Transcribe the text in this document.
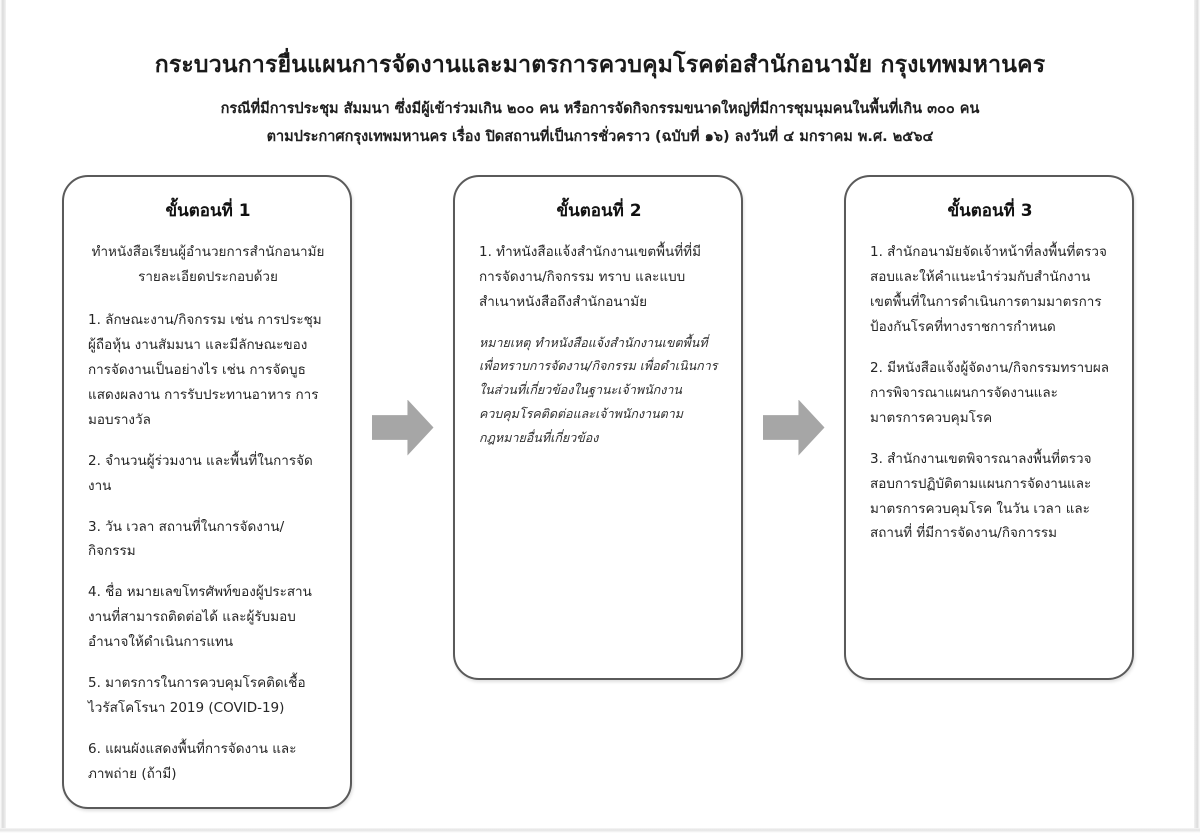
กระบวนการยื่นแผนการจัดงานและมาตรการควบคุมโรคต่อสำนักอนามัย กรุงเทพมหานคร

กรณีที่มีการประชุม สัมมนา ซึ่งมีผู้เข้าร่วมเกิน ๒๐๐ คน หรือการจัดกิจกรรมขนาดใหญ่ที่มีการชุมนุมคนในพื้นที่เกิน ๓๐๐ คน

ตามประกาศกรุงเทพมหานคร เรื่อง ปิดสถานที่เป็นการชั่วคราว (ฉบับที่ ๑๖) ลงวันที่ ๔ มกราคม พ.ศ. ๒๕๖๔

ขั้นตอนที่ 1
ทำหนังสือเรียนผู้อำนวยการสำนักอนามัย รายละเอียดประกอบด้วย

1. ลักษณะงาน/กิจกรรม เช่น การประชุมผู้ถือหุ้น งานสัมมนา และมีลักษณะของการจัดงานเป็นอย่างไร เช่น การจัดบูธแสดงผลงาน การรับประทานอาหาร การมอบรางวัล

2. จำนวนผู้ร่วมงาน และพื้นที่ในการจัดงาน

3. วัน เวลา สถานที่ในการจัดงาน/กิจกรรม

4. ชื่อ หมายเลขโทรศัพท์ของผู้ประสานงานที่สามารถติดต่อได้ และผู้รับมอบอำนาจให้ดำเนินการแทน

5. มาตรการในการควบคุมโรคติดเชื้อไวรัสโคโรนา 2019 (COVID-19)

6. แผนผังแสดงพื้นที่การจัดงาน และภาพถ่าย (ถ้ามี)

ขั้นตอนที่ 2

1. ทำหนังสือแจ้งสำนักงานเขตพื้นที่ที่มีการจัดงาน/กิจกรรม ทราบ และแบบสำเนาหนังสือถึงสำนักอนามัย

หมายเหตุ ทำหนังสือแจ้งสำนักงานเขตพื้นที่เพื่อทราบการจัดงาน/กิจกรรม เพื่อดำเนินการในส่วนที่เกี่ยวข้องในฐานะเจ้าพนักงานควบคุมโรคติดต่อและเจ้าพนักงานตามกฎหมายอื่นที่เกี่ยวข้อง

ขั้นตอนที่ 3

1. สำนักอนามัยจัดเจ้าหน้าที่ลงพื้นที่ตรวจสอบและให้คำแนะนำร่วมกับสำนักงานเขตพื้นที่ในการดำเนินการตามมาตรการป้องกันโรคที่ทางราชการกำหนด

2. มีหนังสือแจ้งผู้จัดงาน/กิจกรรมทราบผลการพิจารณาแผนการจัดงานและมาตรการควบคุมโรค

3. สำนักงานเขตพิจารณาลงพื้นที่ตรวจสอบการปฏิบัติตามแผนการจัดงานและมาตรการควบคุมโรค ในวัน เวลา และสถานที่ ที่มีการจัดงาน/กิจการรม
